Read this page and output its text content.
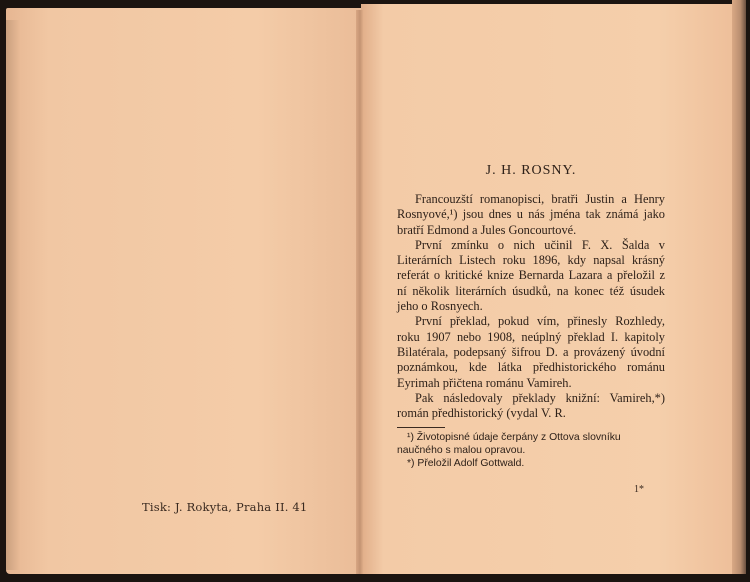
Tisk: J. Rokyta, Praha II. 41
J. H. ROSNY.

Francouzští romanopisci, bratři Justin a Henry Rosnyové,¹) jsou dnes u nás jména tak známá jako bratří Edmond a Jules Goncourtové.

První zmínku o nich učinil F. X. Šalda v Literárních Listech roku 1896, kdy napsal krásný referát o kritické knize Bernarda Lazara a přeložil z ní několik literárních úsudků, na konec též úsudek jeho o Rosnyech.

První překlad, pokud vím, přinesly Rozhledy, roku 1907 nebo 1908, neúplný překlad I. kapitoly Bilatérala, podepsaný šifrou D. a provázený úvodní poznámkou, kde látka předhistorického románu Eyrimah přičtena románu Vamireh.

Pak následovaly překlady knižní: Vamireh,*) román předhistorický (vydal V. R.

¹) Životopisné údaje čerpány z Ottova slovníku naučného s malou opravou.

*) Přeložil Adolf Gottwald.

1*
